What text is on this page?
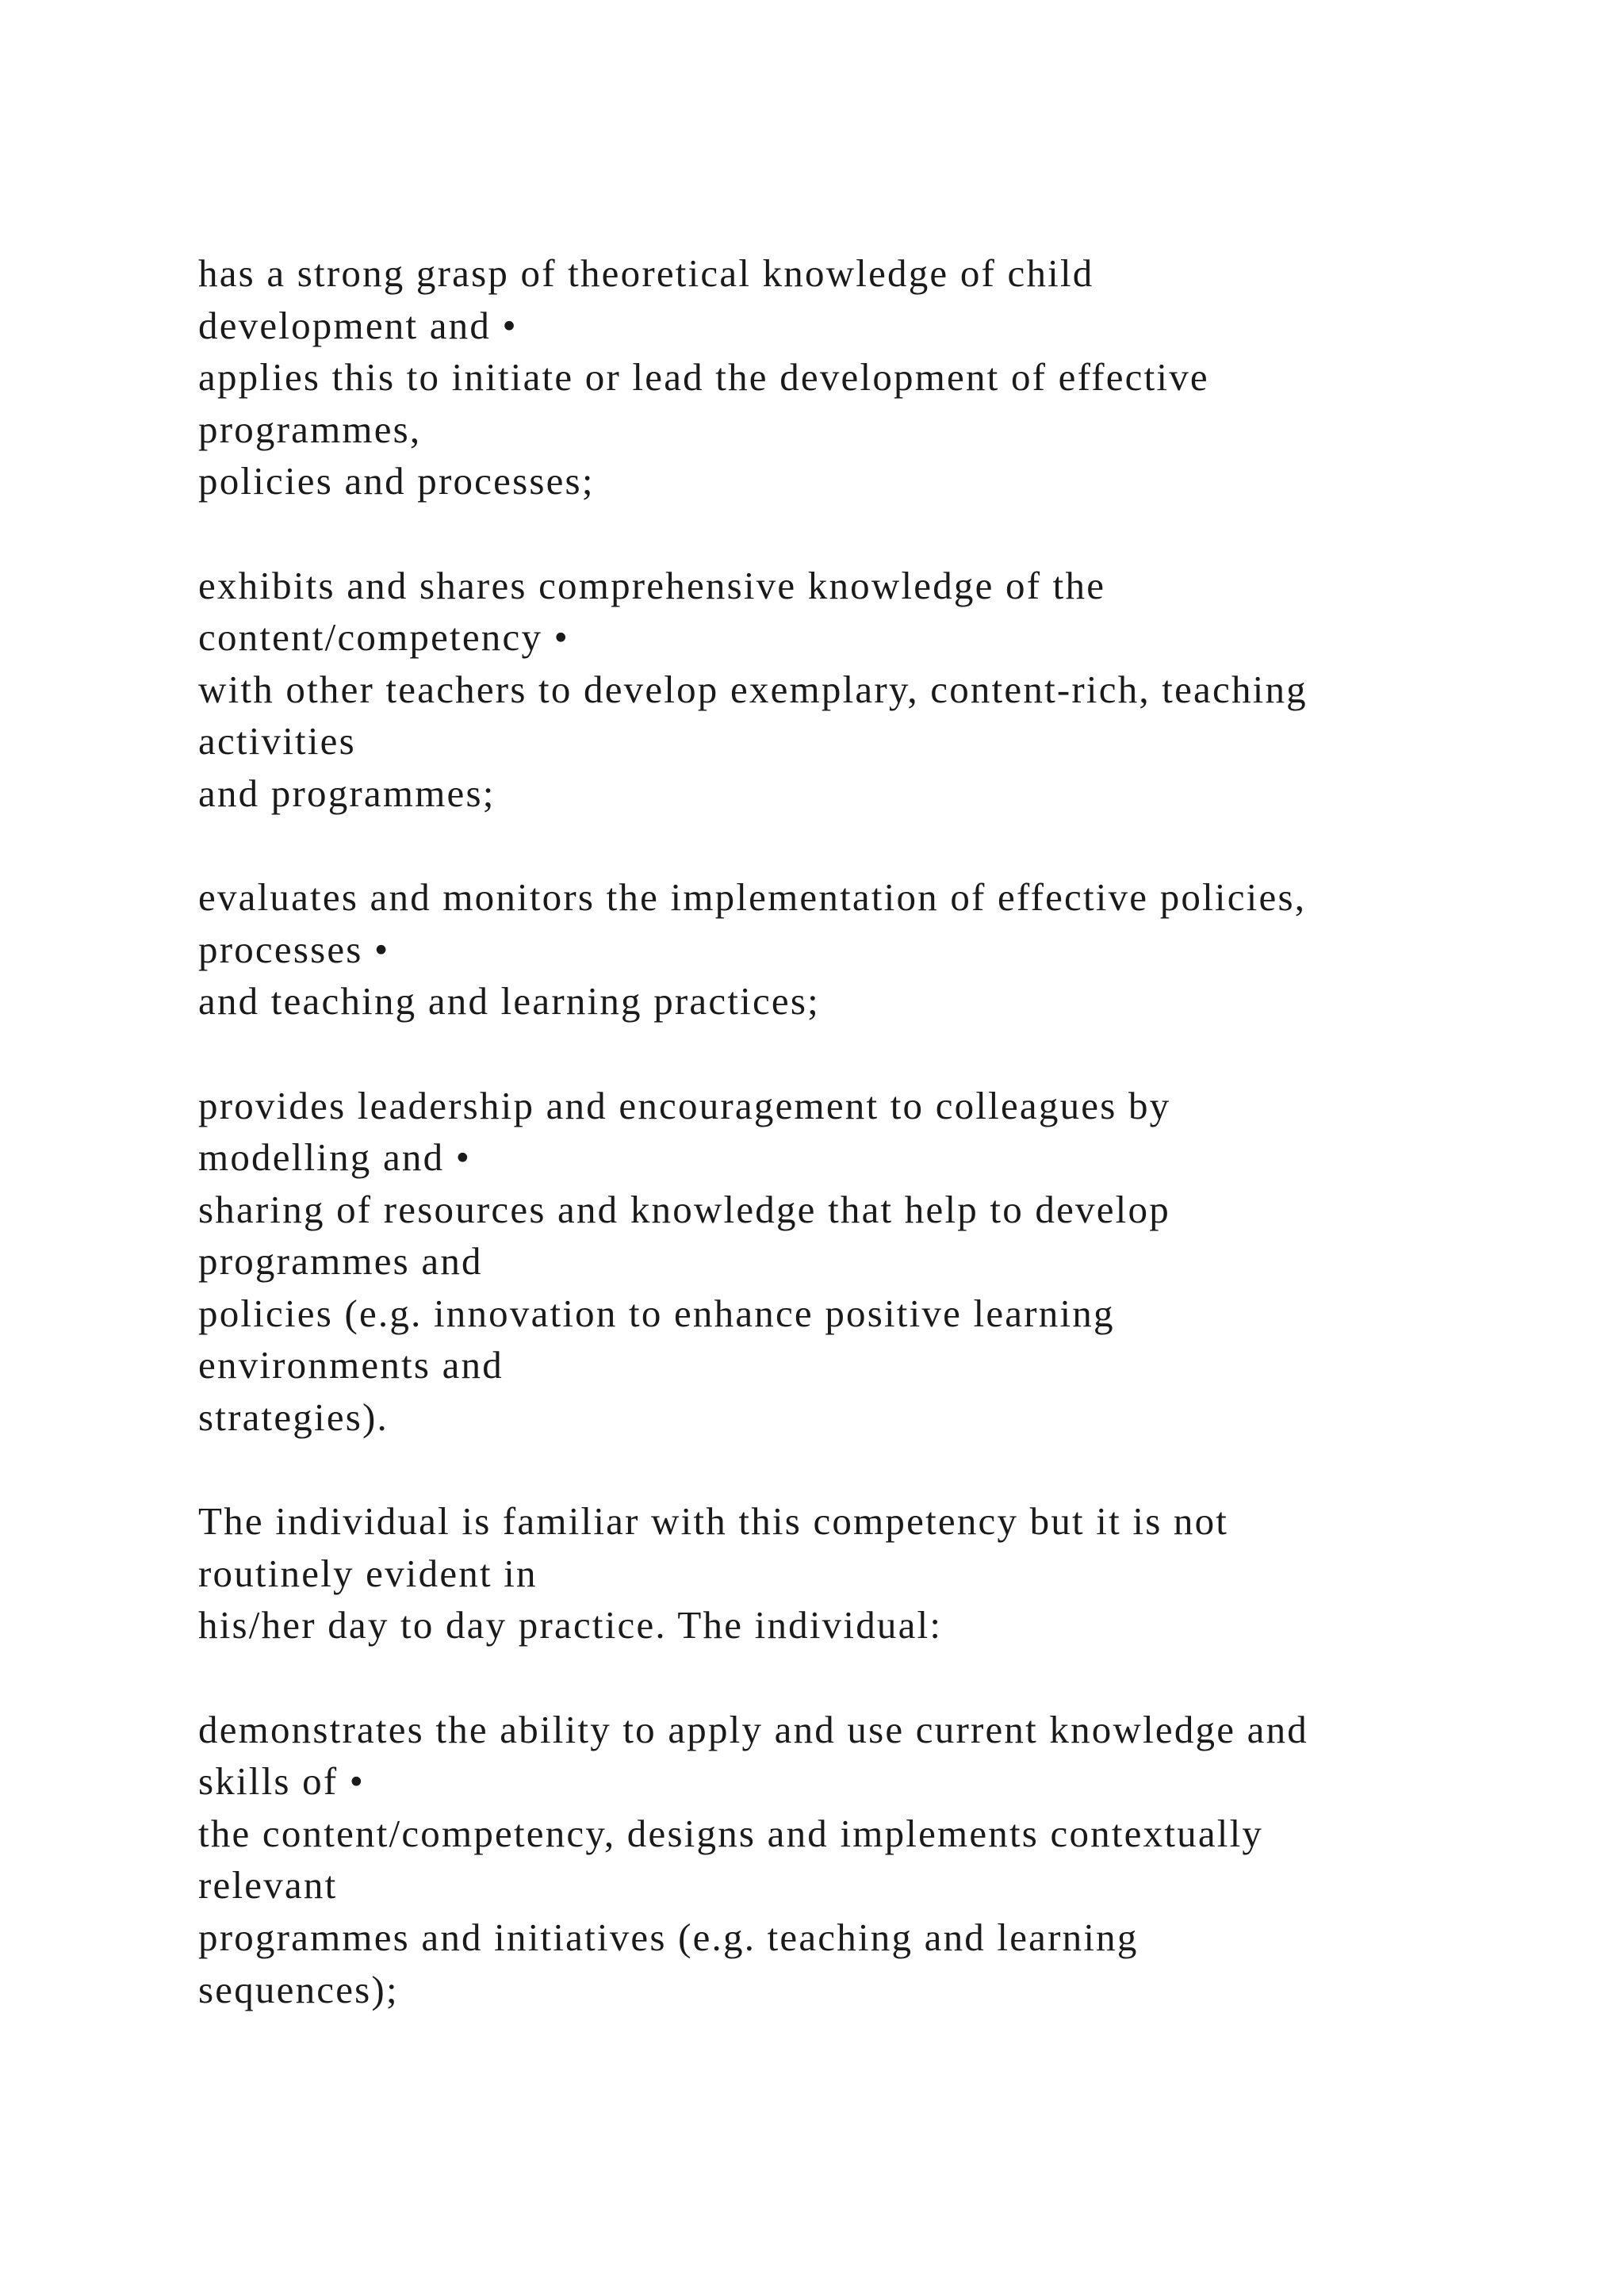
has a strong grasp of theoretical knowledge of child
development and •
applies this to initiate or lead the development of effective
programmes,
policies and processes;
exhibits and shares comprehensive knowledge of the
content/competency •
with other teachers to develop exemplary, content-rich, teaching
activities
and programmes;
evaluates and monitors the implementation of effective policies,
processes •
and teaching and learning practices;
provides leadership and encouragement to colleagues by
modelling and •
sharing of resources and knowledge that help to develop
programmes and
policies (e.g. innovation to enhance positive learning
environments and
strategies).
The individual is familiar with this competency but it is not
routinely evident in
his/her day to day practice. The individual:
demonstrates the ability to apply and use current knowledge and
skills of •
the content/competency, designs and implements contextually
relevant
programmes and initiatives (e.g. teaching and learning
sequences);
